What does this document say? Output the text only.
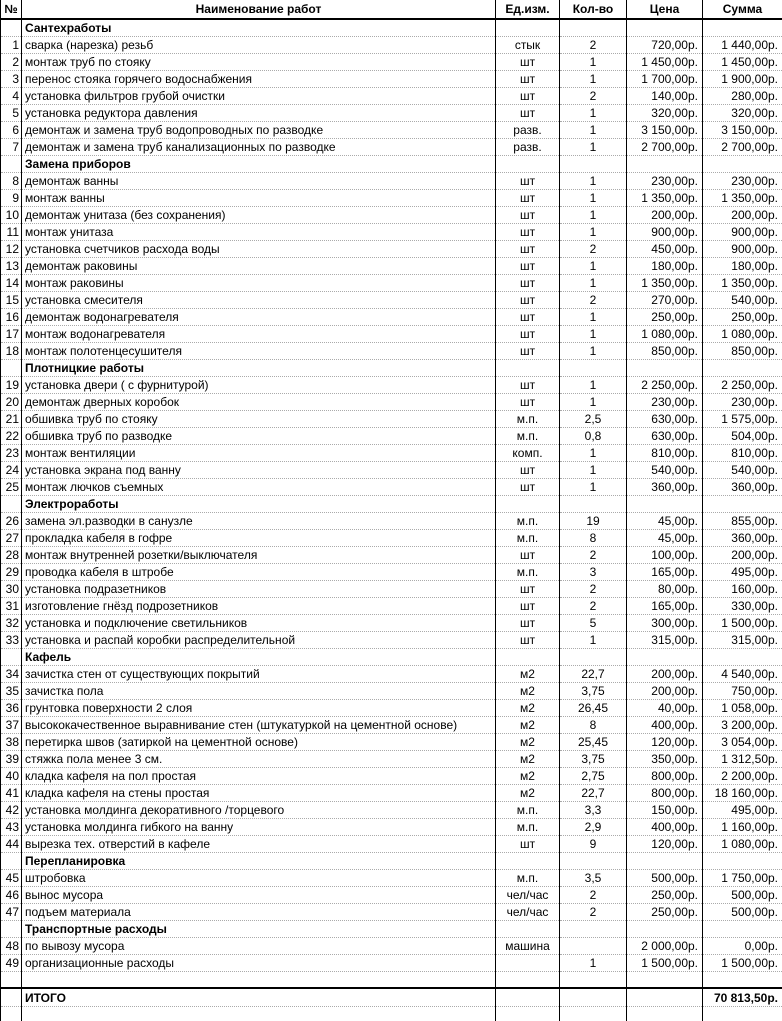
№	Наименование работ	Ед.изм.	Кол-во	Цена	Сумма
	Сантехработы				
1	сварка (нарезка) резьб	стык	2	720,00р.	1 440,00р.
2	монтаж труб по стояку	шт	1	1 450,00р.	1 450,00р.
3	перенос стояка горячего водоснабжения	шт	1	1 700,00р.	1 900,00р.
4	установка фильтров грубой очистки	шт	2	140,00р.	280,00р.
5	установка редуктора давления	шт	1	320,00р.	320,00р.
6	демонтаж и замена труб водопроводных по разводке	разв.	1	3 150,00р.	3 150,00р.
7	демонтаж и замена труб канализационных по разводке	разв.	1	2 700,00р.	2 700,00р.
	Замена приборов				
8	демонтаж ванны	шт	1	230,00р.	230,00р.
9	монтаж ванны	шт	1	1 350,00р.	1 350,00р.
10	демонтаж унитаза (без сохранения)	шт	1	200,00р.	200,00р.
11	монтаж унитаза	шт	1	900,00р.	900,00р.
12	установка счетчиков расхода воды	шт	2	450,00р.	900,00р.
13	демонтаж раковины	шт	1	180,00р.	180,00р.
14	монтаж раковины	шт	1	1 350,00р.	1 350,00р.
15	установка смесителя	шт	2	270,00р.	540,00р.
16	демонтаж водонагревателя	шт	1	250,00р.	250,00р.
17	монтаж водонагревателя	шт	1	1 080,00р.	1 080,00р.
18	монтаж полотенцесушителя	шт	1	850,00р.	850,00р.
	Плотницкие работы				
19	установка двери ( с фурнитурой)	шт	1	2 250,00р.	2 250,00р.
20	демонтаж дверных коробок	шт	1	230,00р.	230,00р.
21	обшивка труб по стояку	м.п.	2,5	630,00р.	1 575,00р.
22	обшивка труб по разводке	м.п.	0,8	630,00р.	504,00р.
23	монтаж вентиляции	комп.	1	810,00р.	810,00р.
24	установка экрана под ванну	шт	1	540,00р.	540,00р.
25	монтаж лючков съемных	шт	1	360,00р.	360,00р.
	Электроработы				
26	замена эл.разводки в санузле	м.п.	19	45,00р.	855,00р.
27	прокладка кабеля в гофре	м.п.	8	45,00р.	360,00р.
28	монтаж внутренней розетки/выключателя	шт	2	100,00р.	200,00р.
29	проводка кабеля в штробе	м.п.	3	165,00р.	495,00р.
30	установка подразетников	шт	2	80,00р.	160,00р.
31	изготовление гнёзд подрозетников	шт	2	165,00р.	330,00р.
32	установка и подключение светильников	шт	5	300,00р.	1 500,00р.
33	установка и распай коробки распределительной	шт	1	315,00р.	315,00р.
	Кафель				
34	зачистка стен от существующих покрытий	м2	22,7	200,00р.	4 540,00р.
35	зачистка пола	м2	3,75	200,00р.	750,00р.
36	грунтовка поверхности 2 слоя	м2	26,45	40,00р.	1 058,00р.
37	высококачественное выравнивание стен (штукатуркой на цементной основе)	м2	8	400,00р.	3 200,00р.
38	перетирка швов (затиркой на цементной основе)	м2	25,45	120,00р.	3 054,00р.
39	стяжка пола менее 3 см.	м2	3,75	350,00р.	1 312,50р.
40	кладка кафеля на пол простая	м2	2,75	800,00р.	2 200,00р.
41	кладка кафеля на стены простая	м2	22,7	800,00р.	18 160,00р.
42	установка молдинга декоративного /торцевого	м.п.	3,3	150,00р.	495,00р.
43	установка молдинга гибкого на ванну	м.п.	2,9	400,00р.	1 160,00р.
44	вырезка тех. отверстий в кафеле	шт	9	120,00р.	1 080,00р.
	Перепланировка				
45	штробовка	м.п.	3,5	500,00р.	1 750,00р.
46	вынос мусора	чел/час	2	250,00р.	500,00р.
47	подъем материала	чел/час	2	250,00р.	500,00р.
	Транспортные расходы				
48	по вывозу мусора	машина		2 000,00р.	0,00р.
49	организационные расходы		1	1 500,00р.	1 500,00р.

	ИТОГО				70 813,50р.
